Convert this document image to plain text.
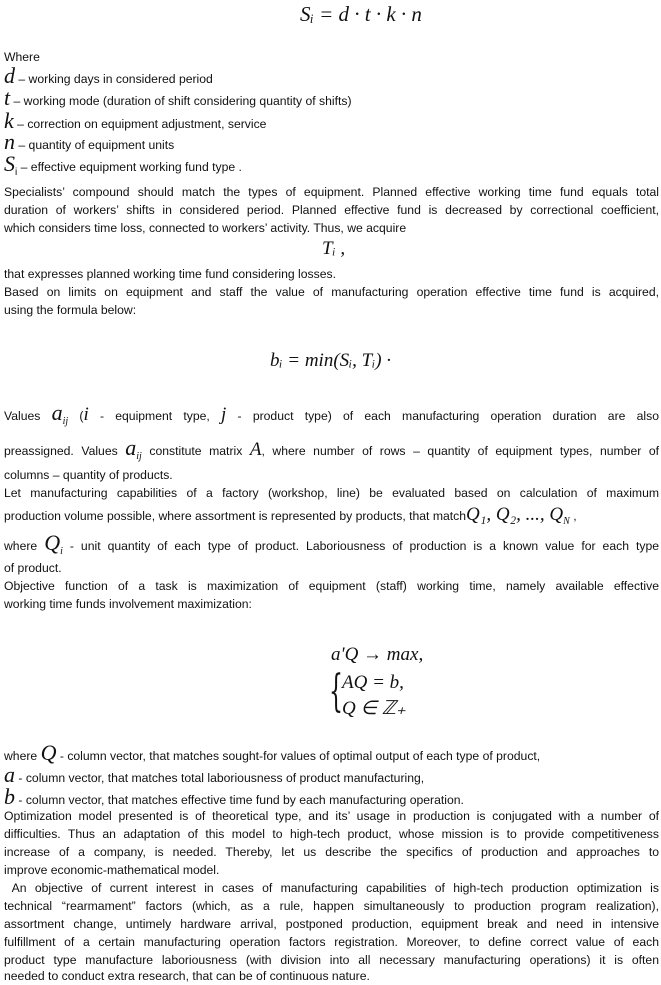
Sᵢ = d · t · k · n
Where
d – working days in considered period
t – working mode (duration of shift considering quantity of shifts)
k – correction on equipment adjustment, service
n – quantity of equipment units
$S_i$ – effective equipment working fund type .
Specialists’ compound should match the types of equipment. Planned effective working time fund equals total
duration of workers’ shifts in considered period. Planned effective fund is decreased by correctional coefficient,
which considers time loss, connected to workers’ activity. Thus, we acquire
Tᵢ ,
that expresses planned working time fund considering losses.
Based on limits on equipment and staff the value of manufacturing operation effective time fund is acquired,
using the formula below:
bᵢ = min(Sᵢ, Tᵢ) ·
Values $a_{ij}$ (i - equipment type, j - product type) of each manufacturing operation duration are also
preassigned. Values $a_{ij}$ constitute matrix A, where number of rows – quantity of equipment types, number of
columns – quantity of products.
Let manufacturing capabilities of a factory (workshop, line) be evaluated based on calculation of maximum
production volume possible, where assortment is represented by products, that matchQ₁, Q₂, ..., $Q_N$ ,
where $Q_i$ - unit quantity of each type of product. Laboriousness of production is a known value for each type
of product.
Objective function of a task is maximization of equipment (staff) working time, namely available effective
working time funds involvement maximization:
a'Q → max,
{ AQ = b,
Q ∈ ℤ₊
where Q - column vector, that matches sought-for values of optimal output of each type of product,
a - column vector, that matches total laboriousness of product manufacturing,
b - column vector, that matches effective time fund by each manufacturing operation.
Optimization model presented is of theoretical type, and its’ usage in production is conjugated with a number of
difficulties. Thus an adaptation of this model to high-tech product, whose mission is to provide competitiveness
increase of a company, is needed. Thereby, let us describe the specifics of production and approaches to
improve economic-mathematical model.
An objective of current interest in cases of manufacturing capabilities of high-tech production optimization is
technical “rearmament” factors (which, as a rule, happen simultaneously to production program realization),
assortment change, untimely hardware arrival, postponed production, equipment break and need in intensive
fulfillment of a certain manufacturing operation factors registration. Moreover, to define correct value of each
product type manufacture laboriousness (with division into all necessary manufacturing operations) it is often
needed to conduct extra research, that can be of continuous nature.
